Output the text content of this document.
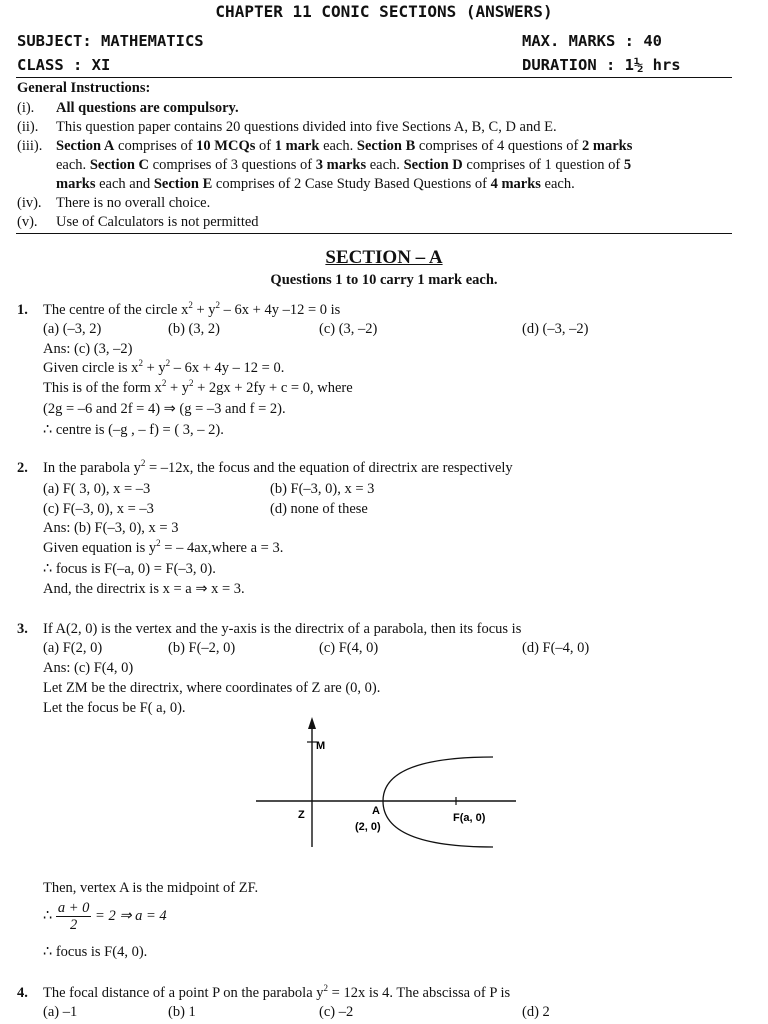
CHAPTER 11 CONIC SECTIONS (ANSWERS)
SUBJECT: MATHEMATICS	MAX. MARKS : 40
CLASS : XI	DURATION : 1½ hrs
General Instructions:
(i). All questions are compulsory.
(ii). This question paper contains 20 questions divided into five Sections A, B, C, D and E.
(iii). Section A comprises of 10 MCQs of 1 mark each. Section B comprises of 4 questions of 2 marks
each. Section C comprises of 3 questions of 3 marks each. Section D comprises of 1 question of 5
marks each and Section E comprises of 2 Case Study Based Questions of 4 marks each.
(iv). There is no overall choice.
(v). Use of Calculators is not permitted
SECTION – A
Questions 1 to 10 carry 1 mark each.
1. The centre of the circle $x^2 + y^2 - 6x + 4y$ –12 = 0 is
(a) (–3, 2)	(b) (3, 2)	(c) (3, –2)	(d) (–3, –2)
Ans: (c) (3, –2)
Given circle is $x^2 + y^2 - 6x + 4y - 12 = 0$.
This is of the form $x^2 + y^2 + 2gx + 2fy + c = 0$, where
(2g = –6 and 2f = 4) ⇒ (g = –3 and f = 2).
∴ centre is (–g , – f) = ( 3, – 2).
2. In the parabola $y^2 = -12x$, the focus and the equation of directrix are respectively
(a) F( 3, 0), x = –3	(b) F(–3, 0), x = 3
(c) F(–3, 0), x = –3	(d) none of these
Ans: (b) F(–3, 0), x = 3
Given equation is $y^2$ = – 4ax,where a = 3.
∴ focus is F(–a, 0) = F(–3, 0).
And, the directrix is x = a ⇒ x = 3.
3. If A(2, 0) is the vertex and the y-axis is the directrix of a parabola, then its focus is
(a) F(2, 0)	(b) F(–2, 0)	(c) F(4, 0)	(d) F(–4, 0)
Ans: (c) F(4, 0)
Let ZM be the directrix, where coordinates of Z are (0, 0).
Let the focus be F( a, 0).
M
Z	A
(2, 0)
F(a, 0)
Then, vertex A is the midpoint of ZF.
∴ $\frac{a + 0}{2} = 2$ ⇒ a = 4
∴ focus is F(4, 0).
4. The focal distance of a point P on the parabola $y^2 = 12x$ is 4. The abscissa of P is
(a) –1	(b) 1	(c) –2	(d) 2
